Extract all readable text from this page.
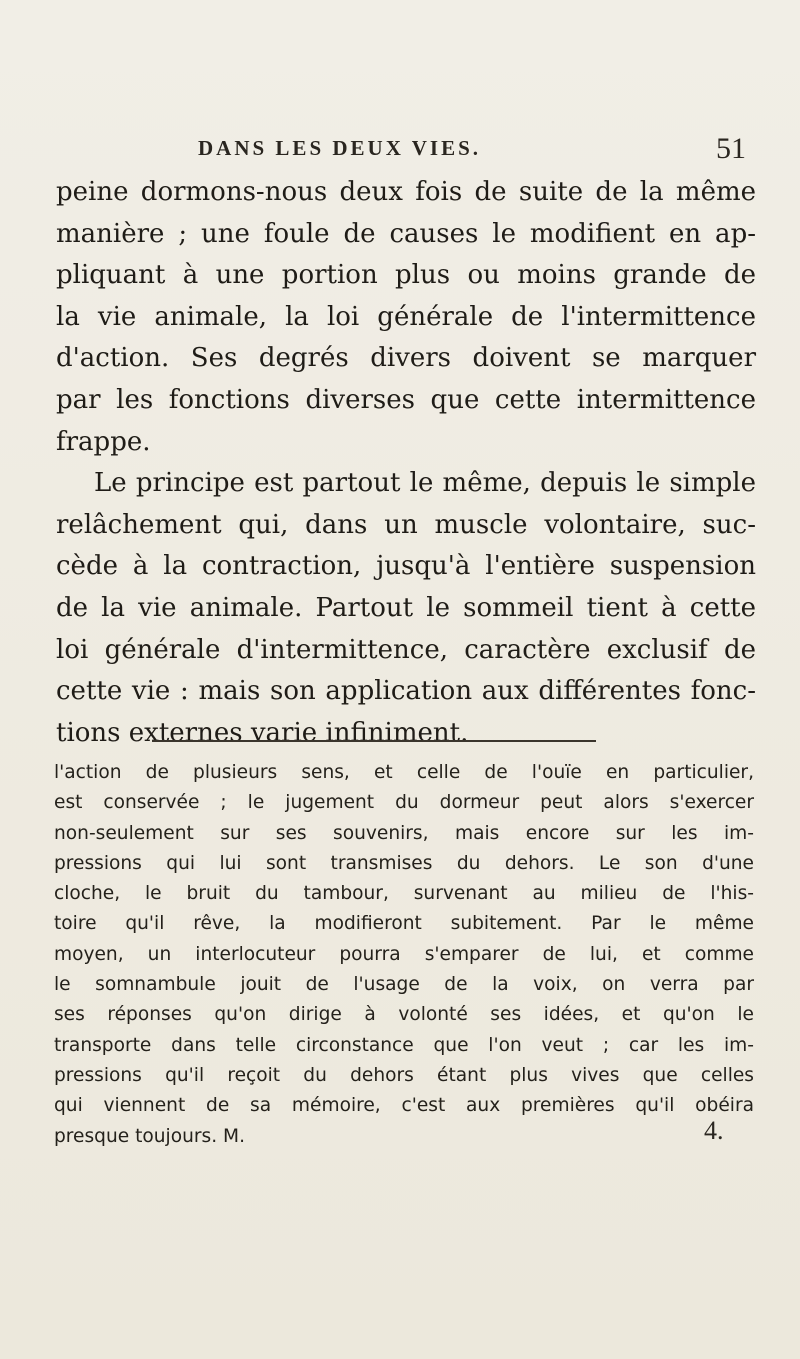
DANS LES DEUX VIES.	51
peine dormons-nous deux fois de suite de la même
manière ; une foule de causes le modifient en ap-
pliquant à une portion plus ou moins grande de
la vie animale, la loi générale de l'intermittence
d'action. Ses degrés divers doivent se marquer
par les fonctions diverses que cette intermittence
frappe.
Le principe est partout le même, depuis le simple
relâchement qui, dans un muscle volontaire, suc-
cède à la contraction, jusqu'à l'entière suspension
de la vie animale. Partout le sommeil tient à cette
loi générale d'intermittence, caractère exclusif de
cette vie : mais son application aux différentes fonc-
tions externes varie infiniment.
l'action de plusieurs sens, et celle de l'ouïe en particulier,
est conservée ; le jugement du dormeur peut alors s'exercer
non-seulement sur ses souvenirs, mais encore sur les im-
pressions qui lui sont transmises du dehors. Le son d'une
cloche, le bruit du tambour, survenant au milieu de l'his-
toire qu'il rêve, la modifieront subitement. Par le même
moyen, un interlocuteur pourra s'emparer de lui, et comme
le somnambule jouit de l'usage de la voix, on verra par
ses réponses qu'on dirige à volonté ses idées, et qu'on le
transporte dans telle circonstance que l'on veut ; car les im-
pressions qu'il reçoit du dehors étant plus vives que celles
qui viennent de sa mémoire, c'est aux premières qu'il obéira
presque toujours. M.	4.
